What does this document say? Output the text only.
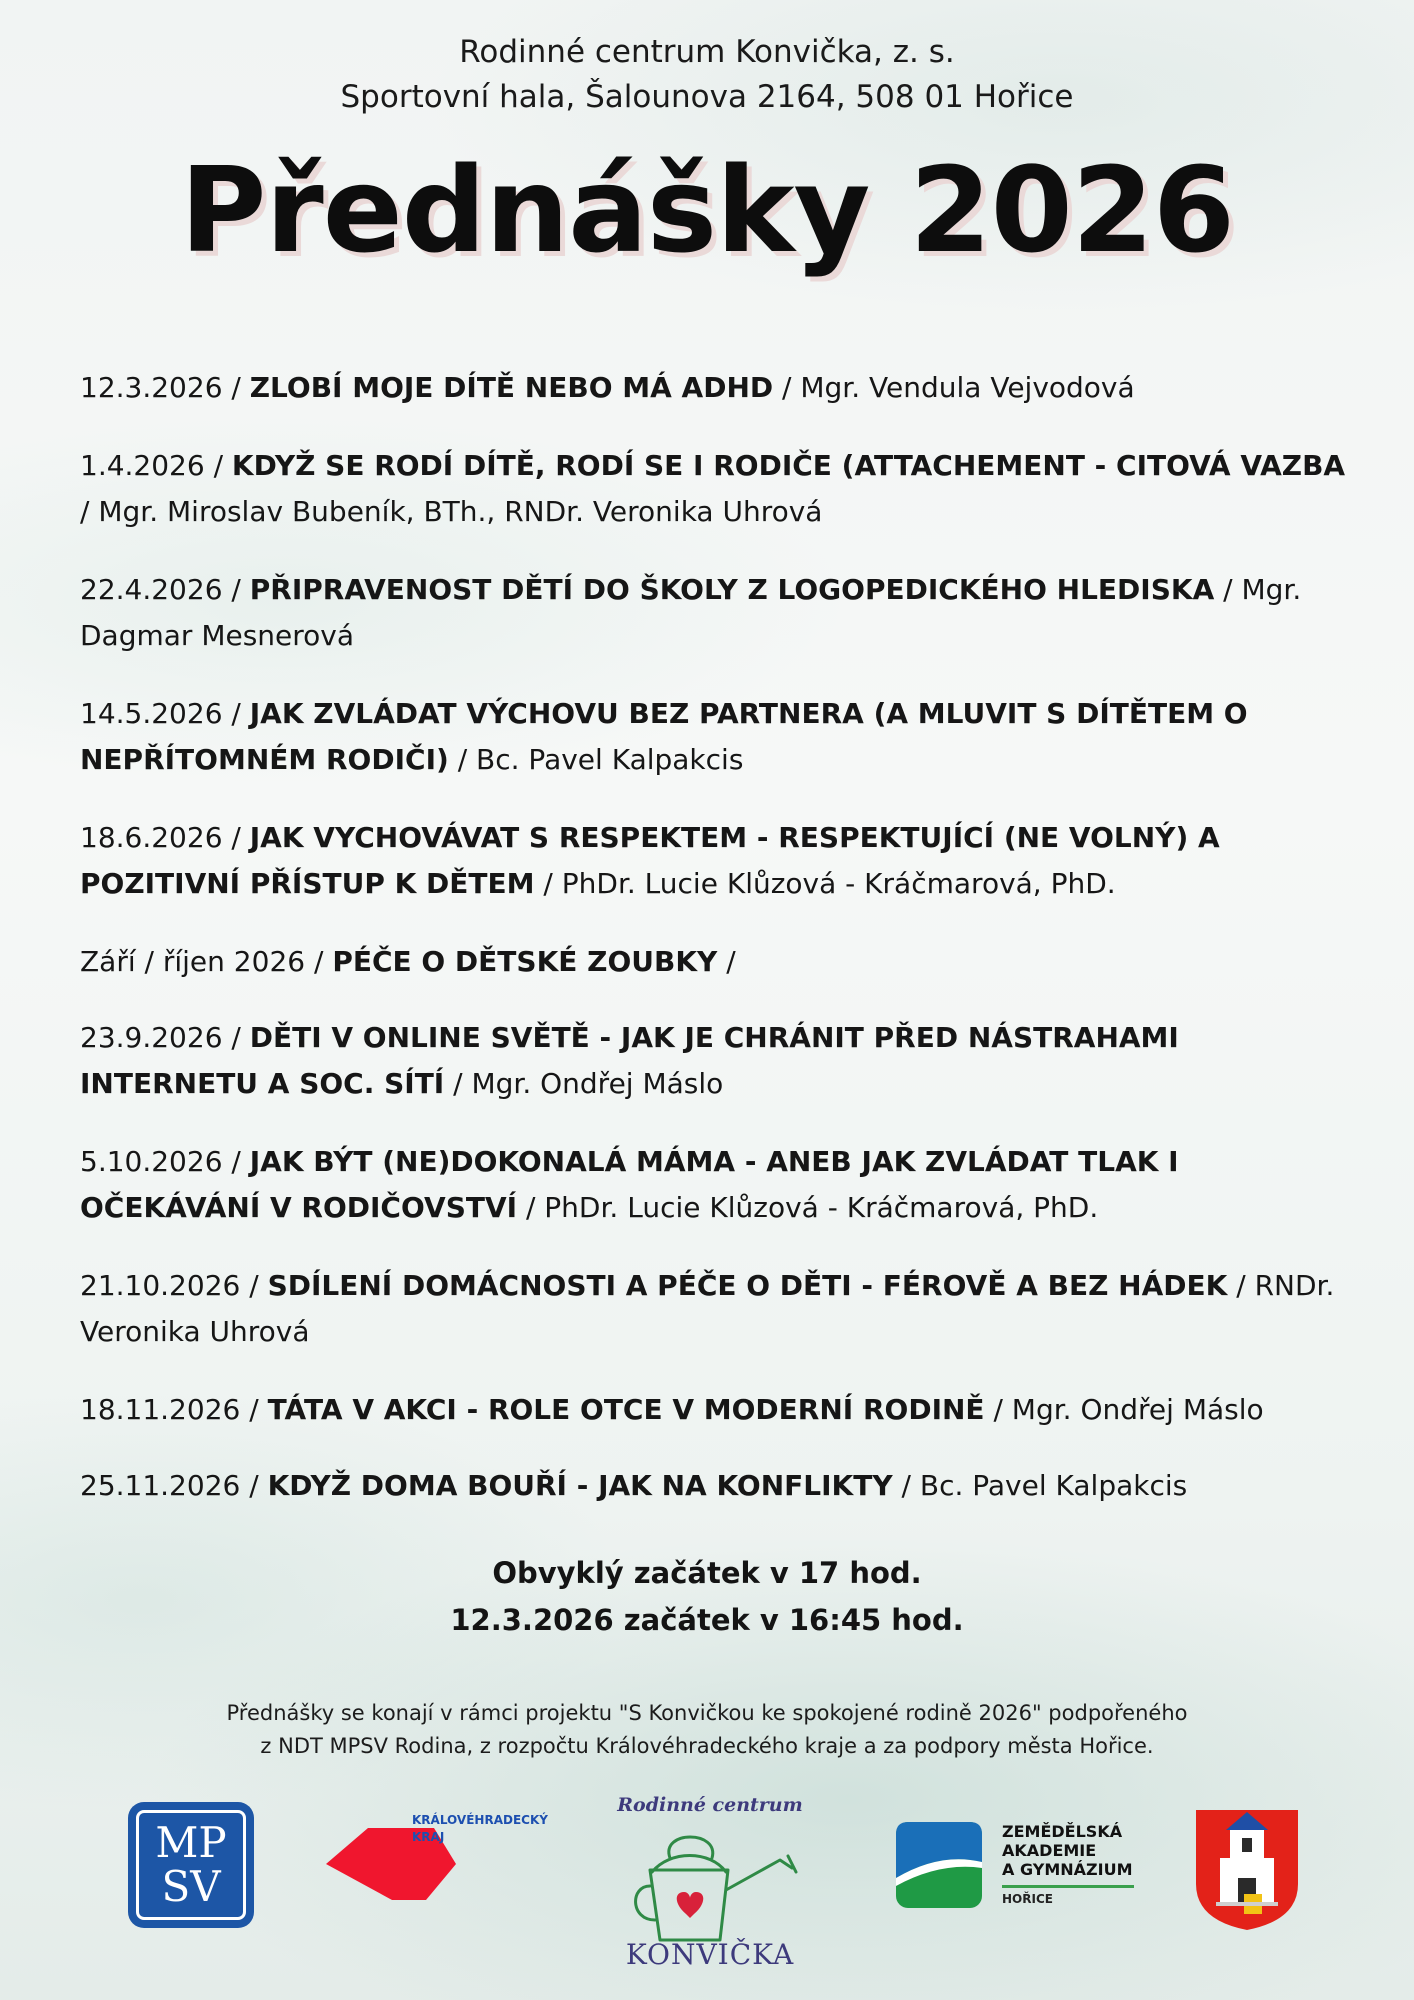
Rodinné centrum Konvička, z. s.
Sportovní hala, Šalounova 2164, 508 01 Hořice
Přednášky 2026

12.3.2026 / ZLOBÍ MOJE DÍTĚ NEBO MÁ ADHD / Mgr. Vendula Vejvodová

1.4.2026 / KDYŽ SE RODÍ DÍTĚ, RODÍ SE I RODIČE (ATTACHEMENT - CITOVÁ VAZBA / Mgr. Miroslav Bubeník, BTh., RNDr. Veronika Uhrová

22.4.2026 / PŘIPRAVENOST DĚTÍ DO ŠKOLY Z LOGOPEDICKÉHO HLEDISKA / Mgr. Dagmar Mesnerová

14.5.2026 / JAK ZVLÁDAT VÝCHOVU BEZ PARTNERA (A MLUVIT S DÍTĚTEM O NEPŘÍTOMNÉM RODIČI) / Bc. Pavel Kalpakcis

18.6.2026 / JAK VYCHOVÁVAT S RESPEKTEM - RESPEKTUJÍCÍ (NE VOLNÝ) A POZITIVNÍ PŘÍSTUP K DĚTEM / PhDr. Lucie Klůzová - Kráčmarová, PhD.

Září / říjen 2026 / PÉČE O DĚTSKÉ ZOUBKY /

23.9.2026 / DĚTI V ONLINE SVĚTĚ - JAK JE CHRÁNIT PŘED NÁSTRAHAMI INTERNETU A SOC. SÍTÍ / Mgr. Ondřej Máslo

5.10.2026 / JAK BÝT (NE)DOKONALÁ MÁMA - ANEB JAK ZVLÁDAT TLAK I OČEKÁVÁNÍ V RODIČOVSTVÍ / PhDr. Lucie Klůzová - Kráčmarová, PhD.

21.10.2026 / SDÍLENÍ DOMÁCNOSTI A PÉČE O DĚTI - FÉROVĚ A BEZ HÁDEK / RNDr. Veronika Uhrová

18.11.2026 / TÁTA V AKCI - ROLE OTCE V MODERNÍ RODINĚ / Mgr. Ondřej Máslo

25.11.2026 / KDYŽ DOMA BOUŘÍ - JAK NA KONFLIKTY / Bc. Pavel Kalpakcis

Obvyklý začátek v 17 hod.
12.3.2026 začátek v 16:45 hod.
Přednášky se konají v rámci projektu "S Konvičkou ke spokojené rodině 2026" podpořeného
z NDT MPSV Rodina, z rozpočtu Královéhradeckého kraje a za podpory města Hořice.
MP
SV
KRÁLOVÉHRADECKÝ
KRAJ
Rodinné centrum
KONVIČKA
ZEMĚDĚLSKÁ
AKADEMIE
A GYMNÁZIUM
HOŘICE
